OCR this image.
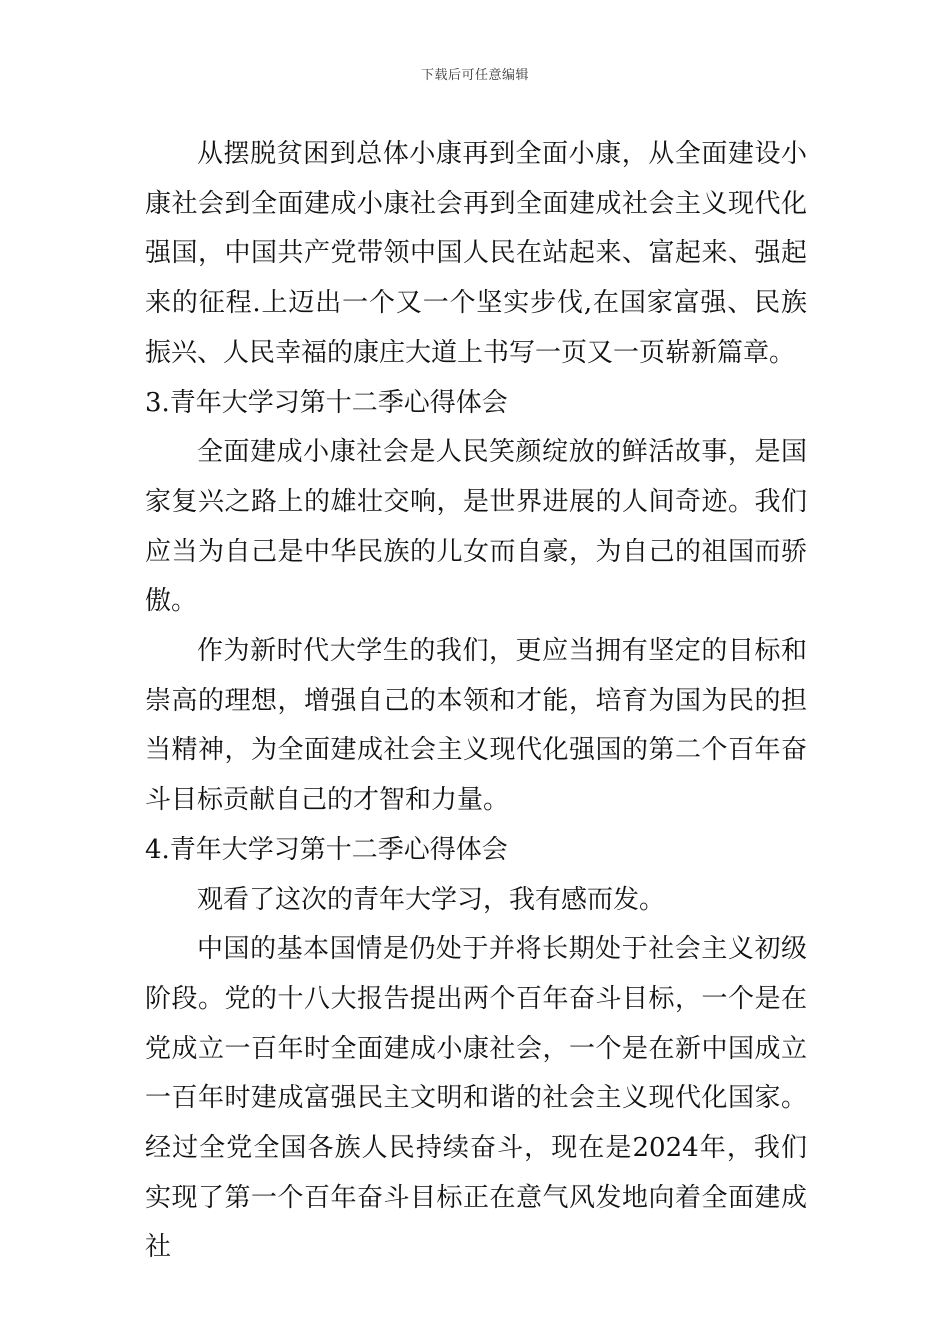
下载后可任意编辑

从摆脱贫困到总体小康再到全面小康，从全面建设小康社会到全面建成小康社会再到全面建成社会主义现代化强国，中国共产党带领中国人民在站起来、富起来、强起来的征程.上迈出一个又一个坚实步伐,在国家富强、民族振兴、人民幸福的康庄大道上书写一页又一页崭新篇章。

3.青年大学习第十二季心得体会

全面建成小康社会是人民笑颜绽放的鲜活故事，是国家复兴之路上的雄壮交响，是世界进展的人间奇迹。我们应当为自己是中华民族的儿女而自豪，为自己的祖国而骄傲。

作为新时代大学生的我们，更应当拥有坚定的目标和崇高的理想，增强自己的本领和才能，培育为国为民的担当精神，为全面建成社会主义现代化强国的第二个百年奋斗目标贡献自己的才智和力量。

4.青年大学习第十二季心得体会

观看了这次的青年大学习，我有感而发。

中国的基本国情是仍处于并将长期处于社会主义初级阶段。党的十八大报告提出两个百年奋斗目标，一个是在党成立一百年时全面建成小康社会，一个是在新中国成立一百年时建成富强民主文明和谐的社会主义现代化国家。经过全党全国各族人民持续奋斗，现在是2024年，我们实现了第一个百年奋斗目标正在意气风发地向着全面建成社
